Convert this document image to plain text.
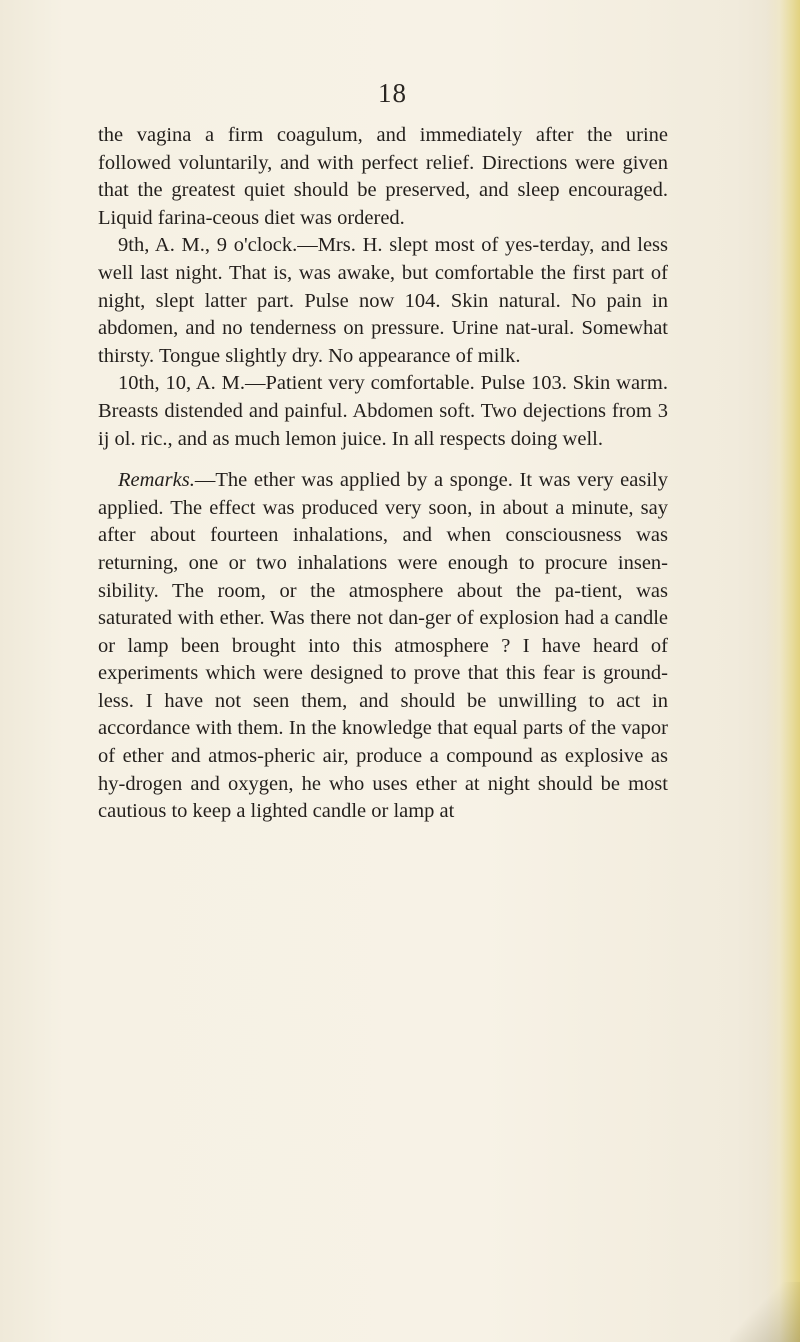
18

the vagina a firm coagulum, and immediately after the urine followed voluntarily, and with perfect relief. Directions were given that the greatest quiet should be preserved, and sleep encouraged. Liquid farina-ceous diet was ordered.

9th, A. M., 9 o'clock.—Mrs. H. slept most of yes-terday, and less well last night. That is, was awake, but comfortable the first part of night, slept latter part. Pulse now 104. Skin natural. No pain in abdomen, and no tenderness on pressure. Urine nat-ural. Somewhat thirsty. Tongue slightly dry. No appearance of milk.

10th, 10, A. M.—Patient very comfortable. Pulse 103. Skin warm. Breasts distended and painful. Abdomen soft. Two dejections from 3 ij ol. ric., and as much lemon juice. In all respects doing well.

Remarks.—The ether was applied by a sponge. It was very easily applied. The effect was produced very soon, in about a minute, say after about fourteen inhalations, and when consciousness was returning, one or two inhalations were enough to procure insen-sibility. The room, or the atmosphere about the pa-tient, was saturated with ether. Was there not dan-ger of explosion had a candle or lamp been brought into this atmosphere ? I have heard of experiments which were designed to prove that this fear is ground-less. I have not seen them, and should be unwilling to act in accordance with them. In the knowledge that equal parts of the vapor of ether and atmos-pheric air, produce a compound as explosive as hy-drogen and oxygen, he who uses ether at night should be most cautious to keep a lighted candle or lamp at
